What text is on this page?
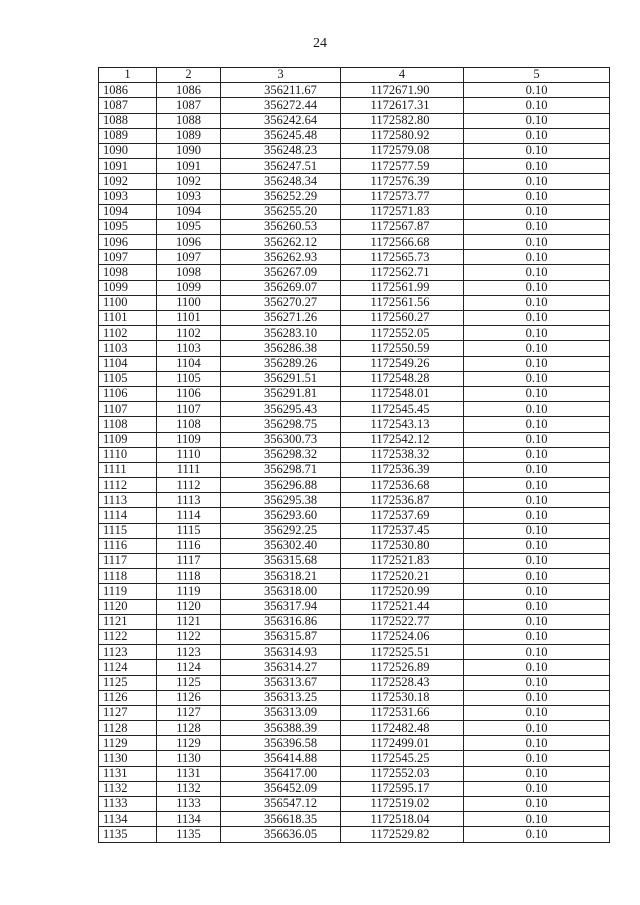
24
1	2	3	4	5
1086	1086	356211.67	1172671.90	0.10
1087	1087	356272.44	1172617.31	0.10
1088	1088	356242.64	1172582.80	0.10
1089	1089	356245.48	1172580.92	0.10
1090	1090	356248.23	1172579.08	0.10
1091	1091	356247.51	1172577.59	0.10
1092	1092	356248.34	1172576.39	0.10
1093	1093	356252.29	1172573.77	0.10
1094	1094	356255.20	1172571.83	0.10
1095	1095	356260.53	1172567.87	0.10
1096	1096	356262.12	1172566.68	0.10
1097	1097	356262.93	1172565.73	0.10
1098	1098	356267.09	1172562.71	0.10
1099	1099	356269.07	1172561.99	0.10
1100	1100	356270.27	1172561.56	0.10
1101	1101	356271.26	1172560.27	0.10
1102	1102	356283.10	1172552.05	0.10
1103	1103	356286.38	1172550.59	0.10
1104	1104	356289.26	1172549.26	0.10
1105	1105	356291.51	1172548.28	0.10
1106	1106	356291.81	1172548.01	0.10
1107	1107	356295.43	1172545.45	0.10
1108	1108	356298.75	1172543.13	0.10
1109	1109	356300.73	1172542.12	0.10
1110	1110	356298.32	1172538.32	0.10
1111	1111	356298.71	1172536.39	0.10
1112	1112	356296.88	1172536.68	0.10
1113	1113	356295.38	1172536.87	0.10
1114	1114	356293.60	1172537.69	0.10
1115	1115	356292.25	1172537.45	0.10
1116	1116	356302.40	1172530.80	0.10
1117	1117	356315.68	1172521.83	0.10
1118	1118	356318.21	1172520.21	0.10
1119	1119	356318.00	1172520.99	0.10
1120	1120	356317.94	1172521.44	0.10
1121	1121	356316.86	1172522.77	0.10
1122	1122	356315.87	1172524.06	0.10
1123	1123	356314.93	1172525.51	0.10
1124	1124	356314.27	1172526.89	0.10
1125	1125	356313.67	1172528.43	0.10
1126	1126	356313.25	1172530.18	0.10
1127	1127	356313.09	1172531.66	0.10
1128	1128	356388.39	1172482.48	0.10
1129	1129	356396.58	1172499.01	0.10
1130	1130	356414.88	1172545.25	0.10
1131	1131	356417.00	1172552.03	0.10
1132	1132	356452.09	1172595.17	0.10
1133	1133	356547.12	1172519.02	0.10
1134	1134	356618.35	1172518.04	0.10
1135	1135	356636.05	1172529.82	0.10
